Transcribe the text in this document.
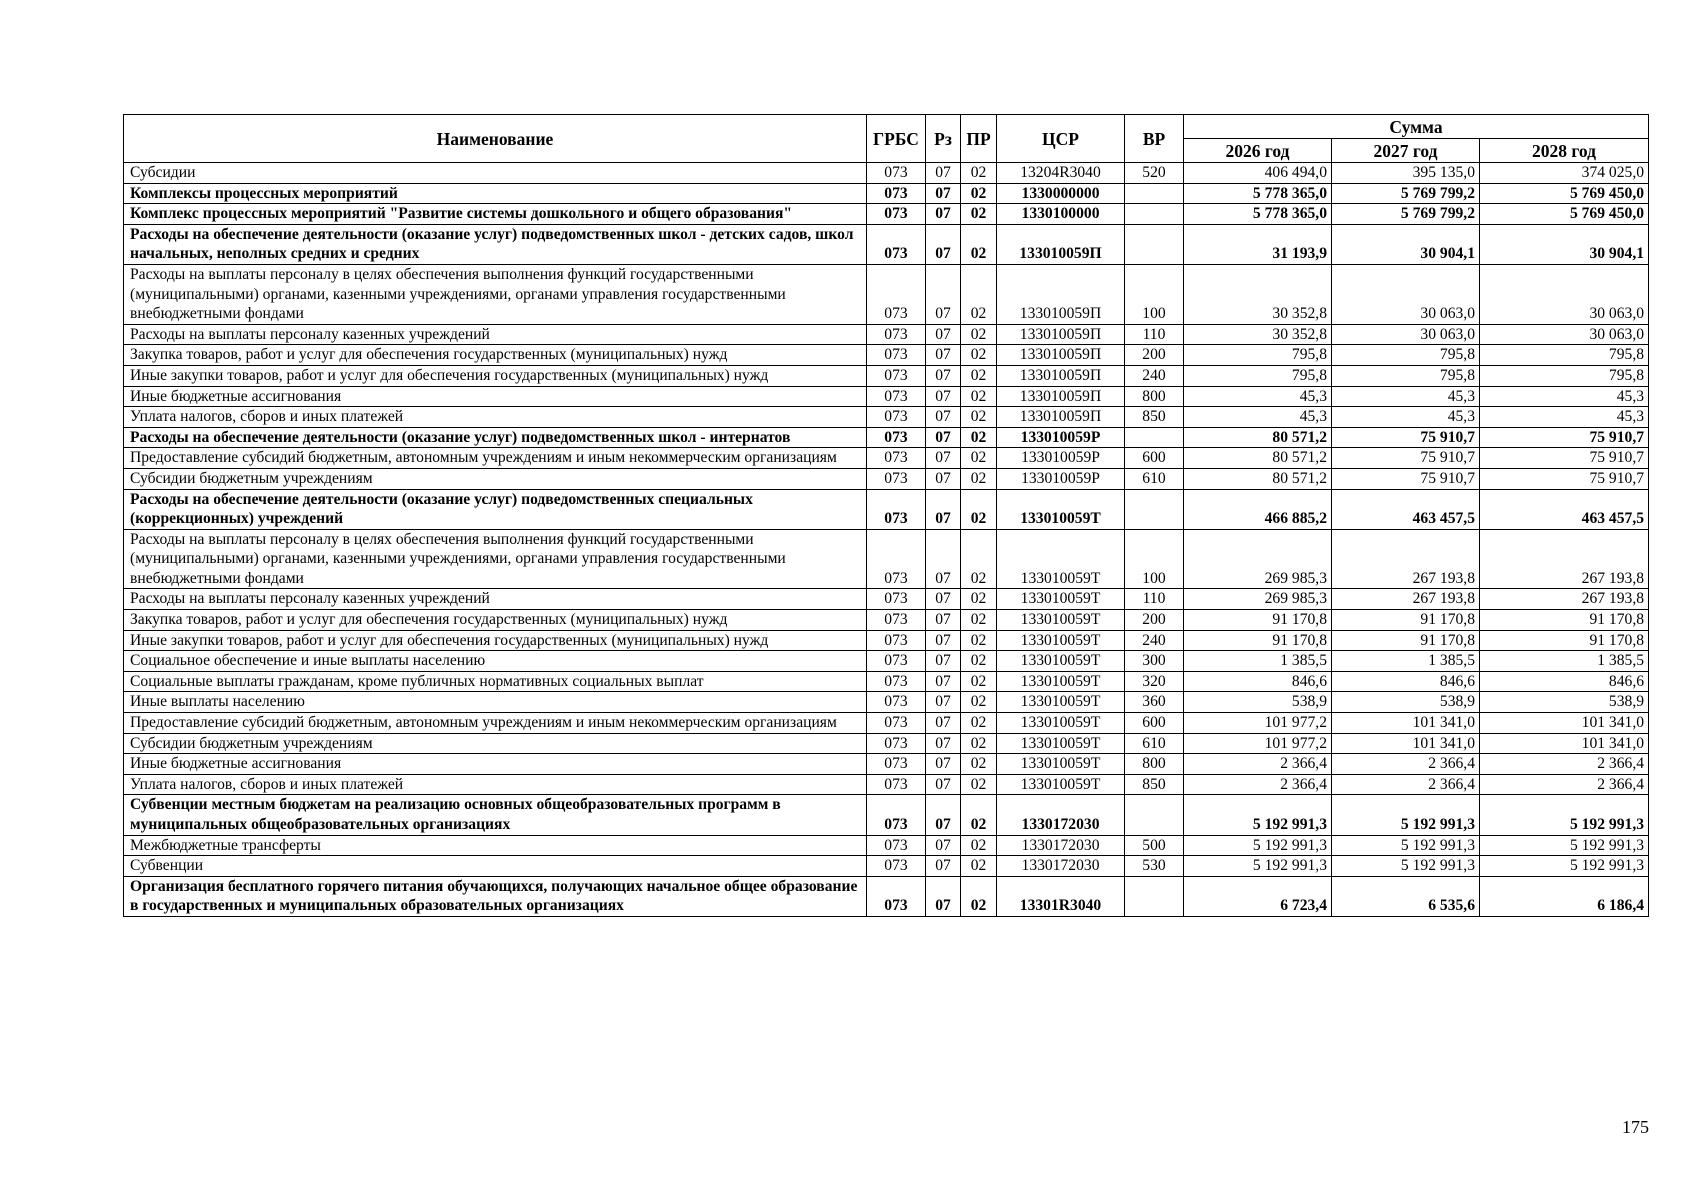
Наименование	ГРБС	Рз	ПР	ЦСР	ВР	Сумма		
						2026 год	2027 год	2028 год
Субсидии	073	07	02	13204R3040	520	406 494,0	395 135,0	374 025,0
Комплексы процессных мероприятий	073	07	02	1330000000		5 778 365,0	5 769 799,2	5 769 450,0
Комплекс процессных мероприятий "Развитие системы дошкольного и общего образования"	073	07	02	1330100000		5 778 365,0	5 769 799,2	5 769 450,0
Расходы на обеспечение деятельности (оказание услуг) подведомственных школ - детских садов, школ начальных, неполных средних и средних	073	07	02	133010059П		31 193,9	30 904,1	30 904,1
Расходы на выплаты персоналу в целях обеспечения выполнения функций государственными (муниципальными) органами, казенными учреждениями, органами управления государственными внебюджетными фондами	073	07	02	133010059П	100	30 352,8	30 063,0	30 063,0
Расходы на выплаты персоналу казенных учреждений	073	07	02	133010059П	110	30 352,8	30 063,0	30 063,0
Закупка товаров, работ и услуг для обеспечения государственных (муниципальных) нужд	073	07	02	133010059П	200	795,8	795,8	795,8
Иные закупки товаров, работ и услуг для обеспечения государственных (муниципальных) нужд	073	07	02	133010059П	240	795,8	795,8	795,8
Иные бюджетные ассигнования	073	07	02	133010059П	800	45,3	45,3	45,3
Уплата налогов, сборов и иных платежей	073	07	02	133010059П	850	45,3	45,3	45,3
Расходы на обеспечение деятельности (оказание услуг) подведомственных школ - интернатов	073	07	02	133010059Р		80 571,2	75 910,7	75 910,7
Предоставление субсидий бюджетным, автономным учреждениям и иным некоммерческим организациям	073	07	02	133010059Р	600	80 571,2	75 910,7	75 910,7
Субсидии бюджетным учреждениям	073	07	02	133010059Р	610	80 571,2	75 910,7	75 910,7
Расходы на обеспечение деятельности (оказание услуг) подведомственных специальных (коррекционных) учреждений	073	07	02	133010059Т		466 885,2	463 457,5	463 457,5
Расходы на выплаты персоналу в целях обеспечения выполнения функций государственными (муниципальными) органами, казенными учреждениями, органами управления государственными внебюджетными фондами	073	07	02	133010059Т	100	269 985,3	267 193,8	267 193,8
Расходы на выплаты персоналу казенных учреждений	073	07	02	133010059Т	110	269 985,3	267 193,8	267 193,8
Закупка товаров, работ и услуг для обеспечения государственных (муниципальных) нужд	073	07	02	133010059Т	200	91 170,8	91 170,8	91 170,8
Иные закупки товаров, работ и услуг для обеспечения государственных (муниципальных) нужд	073	07	02	133010059Т	240	91 170,8	91 170,8	91 170,8
Социальное обеспечение и иные выплаты населению	073	07	02	133010059Т	300	1 385,5	1 385,5	1 385,5
Социальные выплаты гражданам, кроме публичных нормативных социальных выплат	073	07	02	133010059Т	320	846,6	846,6	846,6
Иные выплаты населению	073	07	02	133010059Т	360	538,9	538,9	538,9
Предоставление субсидий бюджетным, автономным учреждениям и иным некоммерческим организациям	073	07	02	133010059Т	600	101 977,2	101 341,0	101 341,0
Субсидии бюджетным учреждениям	073	07	02	133010059Т	610	101 977,2	101 341,0	101 341,0
Иные бюджетные ассигнования	073	07	02	133010059Т	800	2 366,4	2 366,4	2 366,4
Уплата налогов, сборов и иных платежей	073	07	02	133010059Т	850	2 366,4	2 366,4	2 366,4
Субвенции местным бюджетам на реализацию основных общеобразовательных программ в муниципальных общеобразовательных организациях	073	07	02	1330172030		5 192 991,3	5 192 991,3	5 192 991,3
Межбюджетные трансферты	073	07	02	1330172030	500	5 192 991,3	5 192 991,3	5 192 991,3
Субвенции	073	07	02	1330172030	530	5 192 991,3	5 192 991,3	5 192 991,3
Организация бесплатного горячего питания обучающихся, получающих начальное общее образование в государственных и муниципальных образовательных организациях	073	07	02	13301R3040		6 723,4	6 535,6	6 186,4
175
